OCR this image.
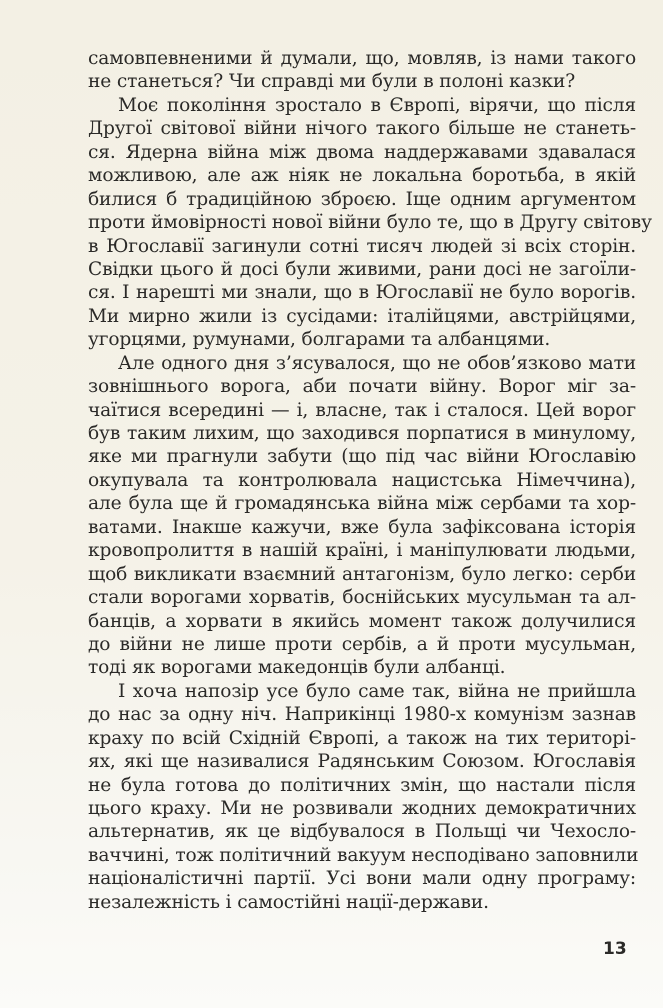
самовпевненими й думали, що, мовляв, із нами такого
не станеться? Чи справді ми були в полоні казки?
Моє покоління зростало в Європі, вірячи, що після
Другої світової війни нічого такого більше не станеть-
ся. Ядерна війна між двома наддержавами здавалася
можливою, але аж ніяк не локальна боротьба, в якій
билися б традиційною зброєю. Іще одним аргументом
проти ймовірності нової війни було те, що в Другу світову
в Югославії загинули сотні тисяч людей зі всіх сторін.
Свідки цього й досі були живими, рани досі не загоїли-
ся. І нарешті ми знали, що в Югославії не було ворогів.
Ми мирно жили із сусідами: італійцями, австрійцями,
угорцями, румунами, болгарами та албанцями.
Але одного дня з’ясувалося, що не обов’язково мати
зовнішнього ворога, аби почати війну. Ворог міг за-
чаїтися всередині — і, власне, так і сталося. Цей ворог
був таким лихим, що заходився порпатися в минулому,
яке ми прагнули забути (що під час війни Югославію
окупувала та контролювала нацистська Німеччина),
але була ще й громадянська війна між сербами та хор-
ватами. Інакше кажучи, вже була зафіксована історія
кровопролиття в нашій країні, і маніпулювати людьми,
щоб викликати взаємний антагонізм, було легко: серби
стали ворогами хорватів, боснійських мусульман та ал-
банців, а хорвати в якийсь момент також долучилися
до війни не лише проти сербів, а й проти мусульман,
тоді як ворогами македонців були албанці.
І хоча напозір усе було саме так, війна не прийшла
до нас за одну ніч. Наприкінці 1980-х комунізм зазнав
краху по всій Східній Європі, а також на тих територі-
ях, які ще називалися Радянським Союзом. Югославія
не була готова до політичних змін, що настали після
цього краху. Ми не розвивали жодних демократичних
альтернатив, як це відбувалося в Польщі чи Чехосло-
ваччині, тож політичний вакуум несподівано заповнили
націоналістичні партії. Усі вони мали одну програму:
незалежність і самостійні нації-держави.
13
